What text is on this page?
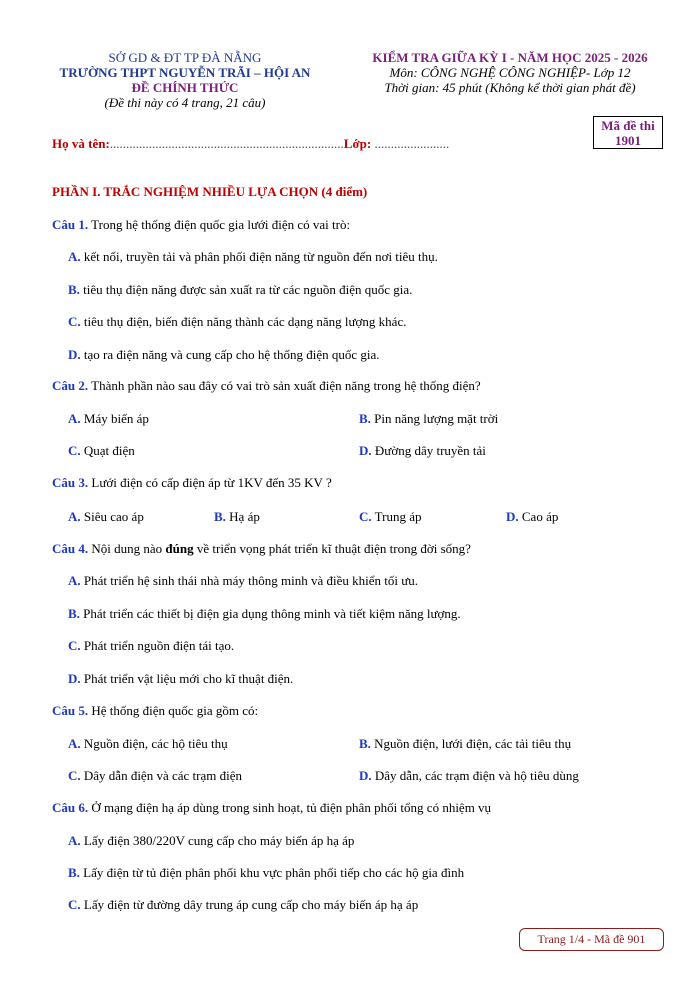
SỞ GD & ĐT TP ĐÀ NẴNG
TRƯỜNG THPT NGUYỄN TRÃI – HỘI AN
ĐỀ CHÍNH THỨC
(Đề thi này có 4 trang, 21 câu)
KIỂM TRA GIỮA KỲ I - NĂM HỌC 2025 - 2026
Môn: CÔNG NGHỆ CÔNG NGHIỆP- Lớp 12
Thời gian: 45 phút (Không kể thời gian phát đề)
Họ và tên:........................................................................Lớp: .......................
Mã đề thi
1901
PHẦN I. TRẮC NGHIỆM NHIỀU LỰA CHỌN (4 điểm)
Câu 1. Trong hệ thống điện quốc gia lưới điện có vai trò:
A. kết nối, truyền tải và phân phối điện năng từ nguồn đến nơi tiêu thụ.
B. tiêu thụ điện năng được sản xuất ra từ các nguồn điện quốc gia.
C. tiêu thụ điện, biến điện năng thành các dạng năng lượng khác.
D. tạo ra điện năng và cung cấp cho hệ thống điện quốc gia.
Câu 2. Thành phần nào sau đây có vai trò sản xuất điện năng trong hệ thống điện?
A. Máy biến áp	B. Pin năng lượng mặt trời
C. Quạt điện	D. Đường dây truyền tải
Câu 3. Lưới điện có cấp điện áp từ 1KV đến 35 KV ?
A. Siêu cao áp	B. Hạ áp	C. Trung áp	D. Cao áp
Câu 4. Nội dung nào đúng về triển vọng phát triển kĩ thuật điện trong đời sống?
A. Phát triển hệ sinh thái nhà máy thông minh và điều khiển tối ưu.
B. Phát triển các thiết bị điện gia dụng thông minh và tiết kiệm năng lượng.
C. Phát triển nguồn điện tái tạo.
D. Phát triển vật liệu mới cho kĩ thuật điện.
Câu 5. Hệ thống điện quốc gia gồm có:
A. Nguồn điện, các hộ tiêu thụ	B. Nguồn điện, lưới điện, các tải tiêu thụ
C. Dây dẫn điện và các trạm điện	D. Dây dẫn, các trạm điện và hộ tiêu dùng
Câu 6. Ở mạng điện hạ áp dùng trong sinh hoạt, tủ điện phân phối tổng có nhiệm vụ
A. Lấy điện 380/220V cung cấp cho máy biến áp hạ áp
B. Lấy điện từ tủ điện phân phối khu vực phân phối tiếp cho các hộ gia đình
C. Lấy điện từ đường dây trung áp cung cấp cho máy biến áp hạ áp
Trang 1/4 - Mã đề 901
